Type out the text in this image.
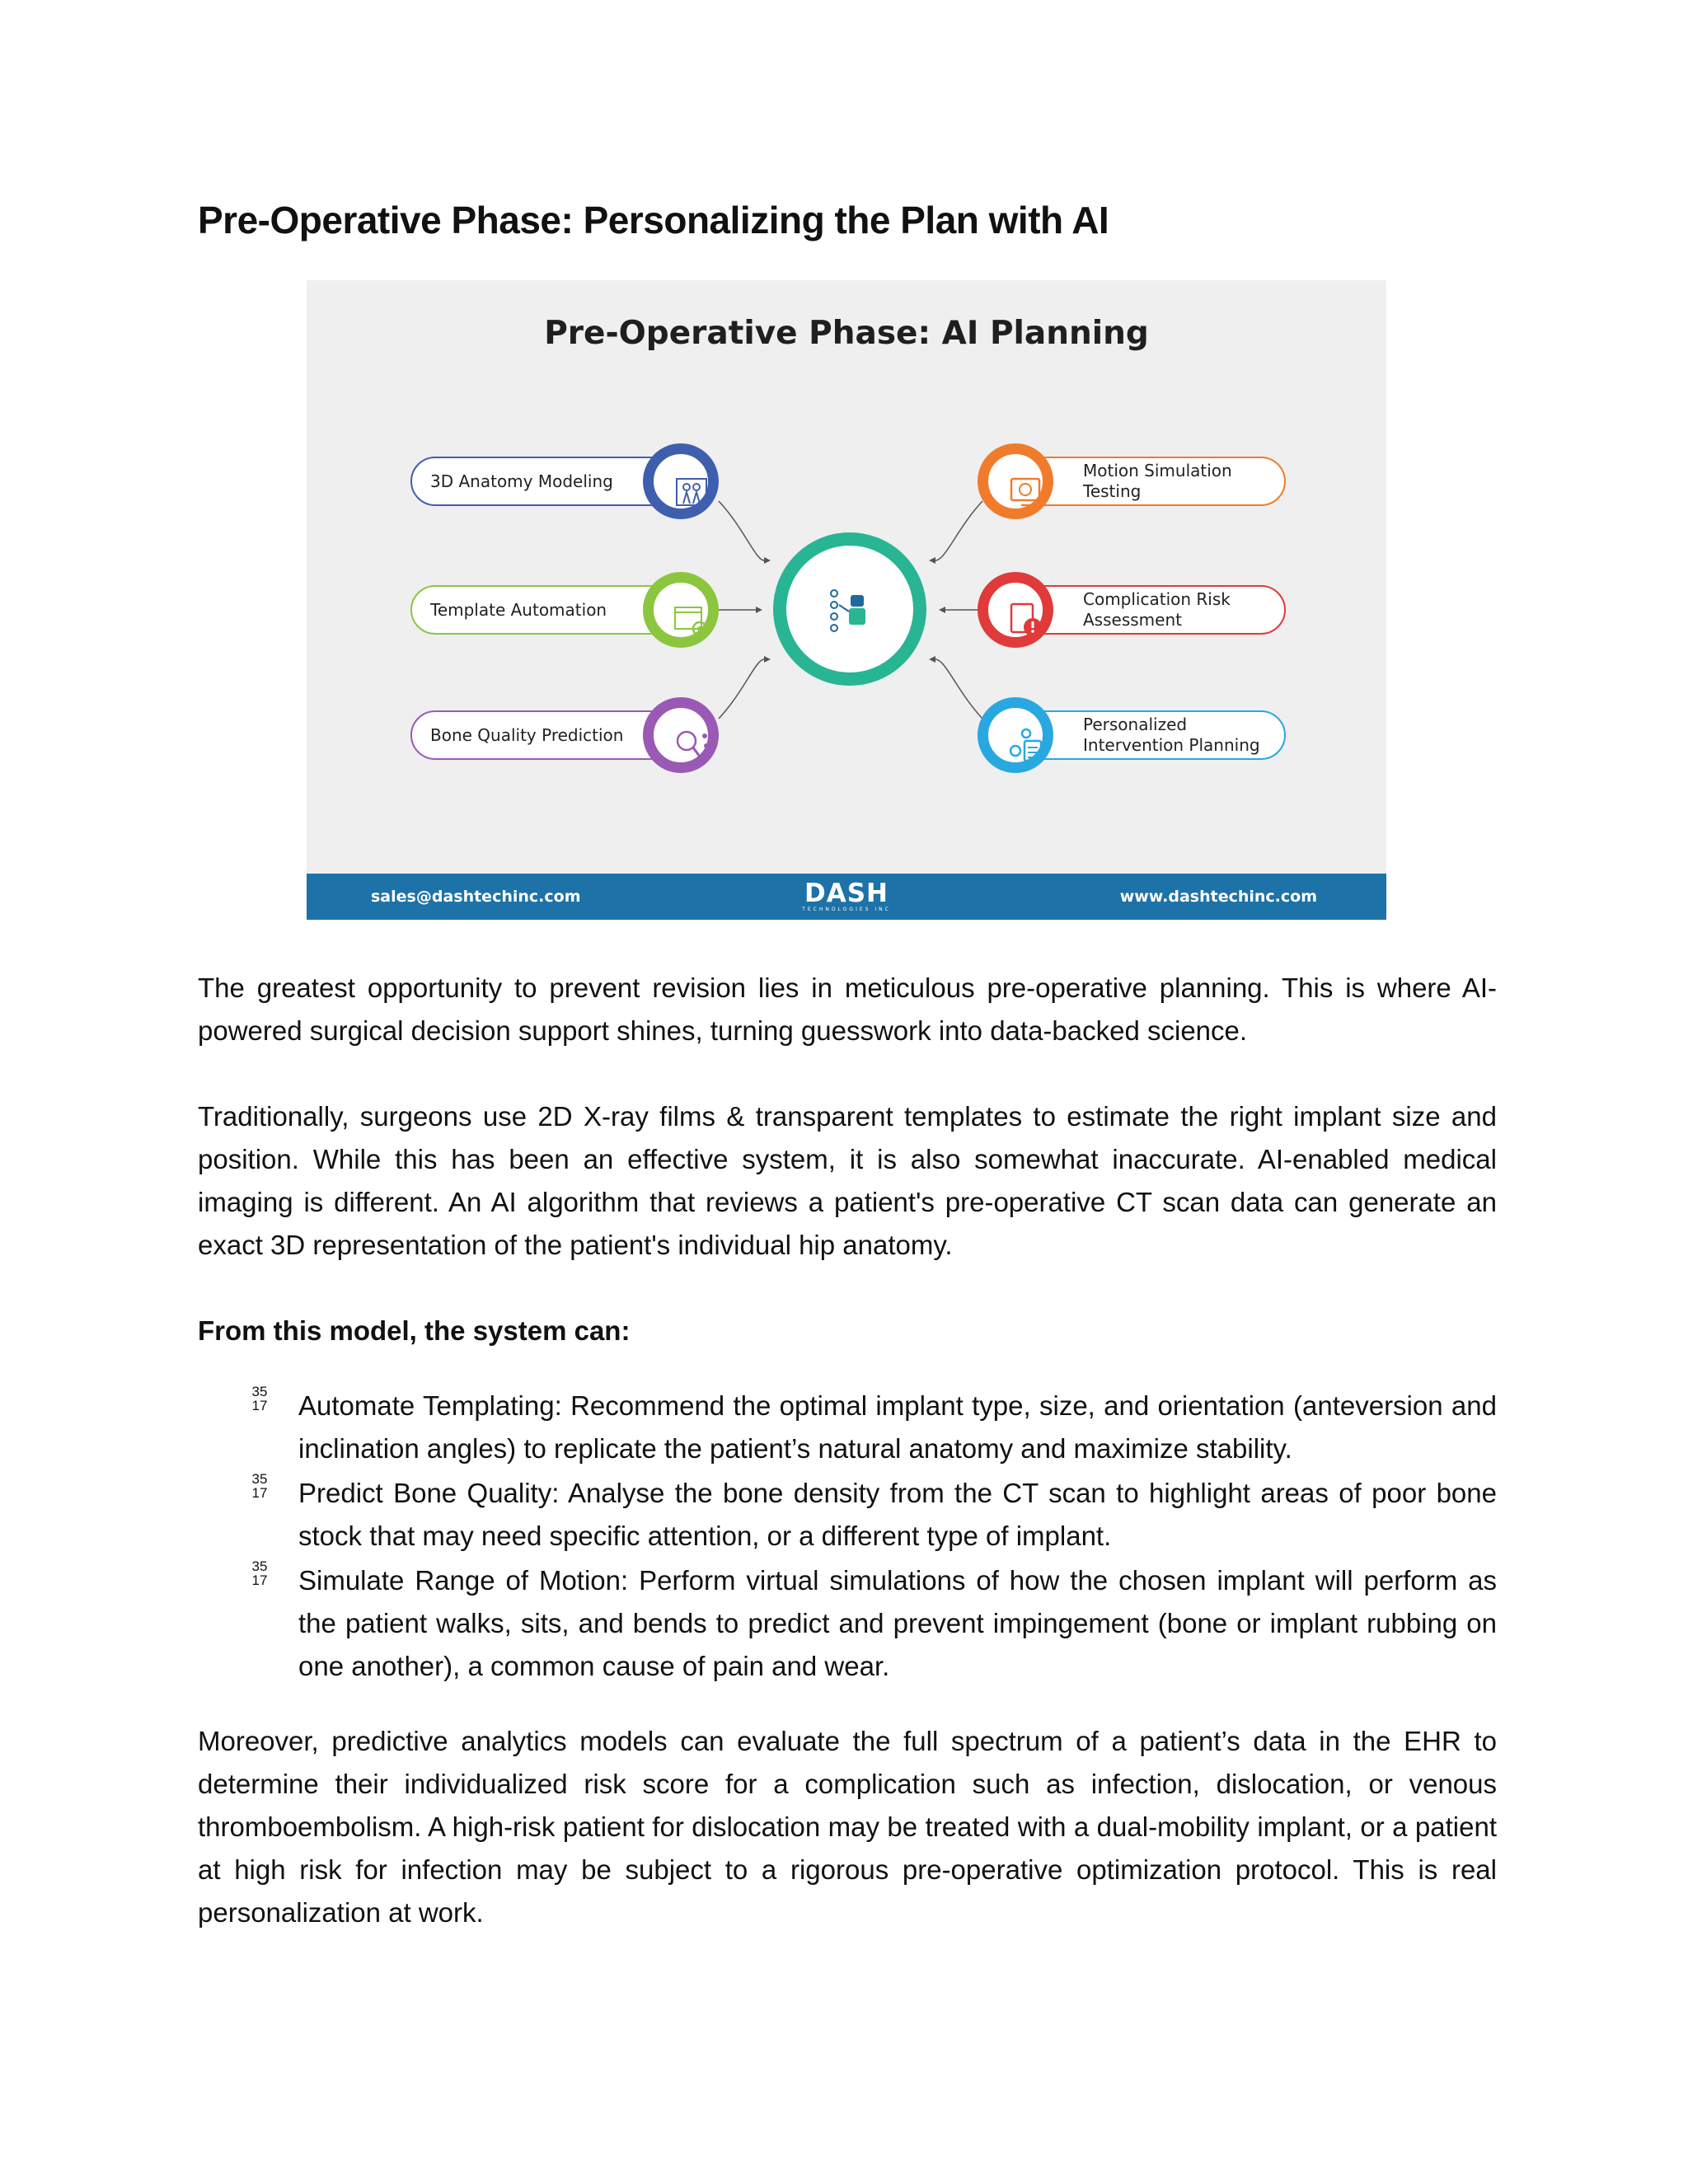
Pre-Operative Phase: Personalizing the Plan with AI
Pre-Operative Phase: AI Planning
3D Anatomy Modeling
Template Automation
Bone Quality Prediction
Motion Simulation
Testing
Complication Risk
Assessment
Personalized
Intervention Planning
sales@dashtechinc.com	DASH
TECHNOLOGIES INC
www.dashtechinc.com

The greatest opportunity to prevent revision lies in meticulous pre-operative planning. This is where AI-powered surgical decision support shines, turning guesswork into data-backed science.

Traditionally, surgeons use 2D X-ray films & transparent templates to estimate the right implant size and position. While this has been an effective system, it is also somewhat inaccurate. AI-enabled medical imaging is different. An AI algorithm that reviews a patient's pre-operative CT scan data can generate an exact 3D representation of the patient's individual hip anatomy.

From this model, the system can:

35
17 Automate Templating: Recommend the optimal implant type, size, and orientation (anteversion and inclination angles) to replicate the patient’s natural anatomy and maximize stability.
35
17 Predict Bone Quality: Analyse the bone density from the CT scan to highlight areas of poor bone stock that may need specific attention, or a different type of implant.
35
17 Simulate Range of Motion: Perform virtual simulations of how the chosen implant will perform as the patient walks, sits, and bends to predict and prevent impingement (bone or implant rubbing on one another), a common cause of pain and wear.

Moreover, predictive analytics models can evaluate the full spectrum of a patient’s data in the EHR to determine their individualized risk score for a complication such as infection, dislocation, or venous thromboembolism. A high-risk patient for dislocation may be treated with a dual-mobility implant, or a patient at high risk for infection may be subject to a rigorous pre-operative optimization protocol. This is real personalization at work.
